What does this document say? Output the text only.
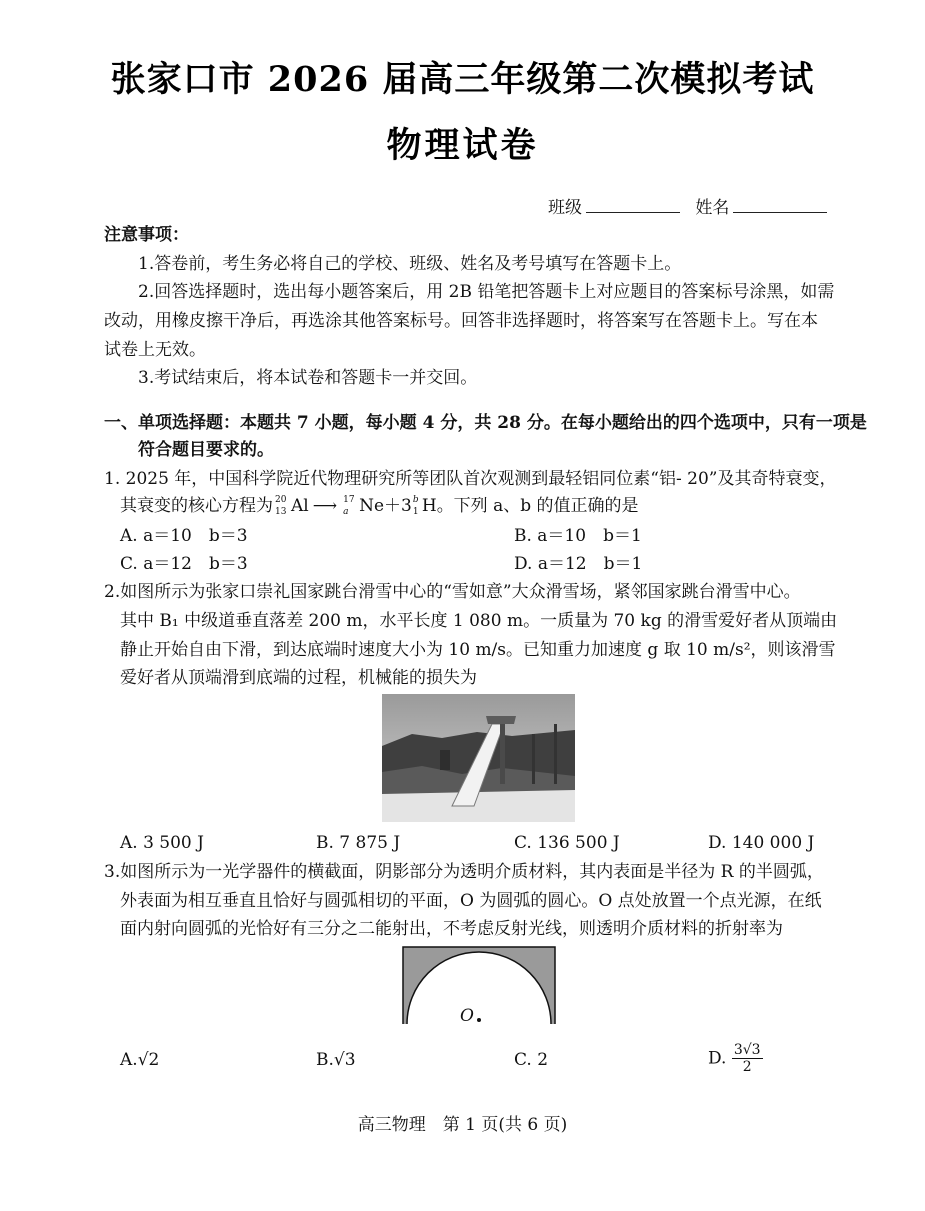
张家口市 2026 届高三年级第二次模拟考试
物理试卷
班级	姓名
注意事项：
1.答卷前，考生务必将自己的学校、班级、姓名及考号填写在答题卡上。
2.回答选择题时，选出每小题答案后，用 2B 铅笔把答题卡上对应题目的答案标号涂黑，如需
改动，用橡皮擦干净后，再选涂其他答案标号。回答非选择题时，将答案写在答题卡上。写在本
试卷上无效。
3.考试结束后，将本试卷和答题卡一并交回。
一、单项选择题：本题共 7 小题，每小题 4 分，共 28 分。在每小题给出的四个选项中，只有一项是
符合题目要求的。
1. 2025 年，中国科学院近代物理研究所等团队首次观测到最轻铝同位素“铝- 20”及其奇特衰变，
其衰变的核心方程为 20
13 Al ⟶ 17
a Ne＋3 b
1 H。下列 a、b 的值正确的是
A. a＝10　b＝3	B. a＝10　b＝1
C. a＝12　b＝3	D. a＝12　b＝1
2.如图所示为张家口崇礼国家跳台滑雪中心的“雪如意”大众滑雪场，紧邻国家跳台滑雪中心。
其中 B₁ 中级道垂直落差 200 m，水平长度 1 080 m。一质量为 70 kg 的滑雪爱好者从顶端由
静止开始自由下滑，到达底端时速度大小为 10 m/s。已知重力加速度 g 取 10 m/s²，则该滑雪
爱好者从顶端滑到底端的过程，机械能的损失为
A. 3 500 J	B. 7 875 J	C. 136 500 J	D. 140 000 J
3.如图所示为一光学器件的横截面，阴影部分为透明介质材料，其内表面是半径为 R 的半圆弧，
外表面为相互垂直且恰好与圆弧相切的平面，O 为圆弧的圆心。O 点处放置一个点光源，在纸
面内射向圆弧的光恰好有三分之二能射出，不考虑反射光线，则透明介质材料的折射率为
O
A.√2	B.√3	C. 2	D. $\frac{3√3}{2}$
高三物理　第 1 页(共 6 页)
